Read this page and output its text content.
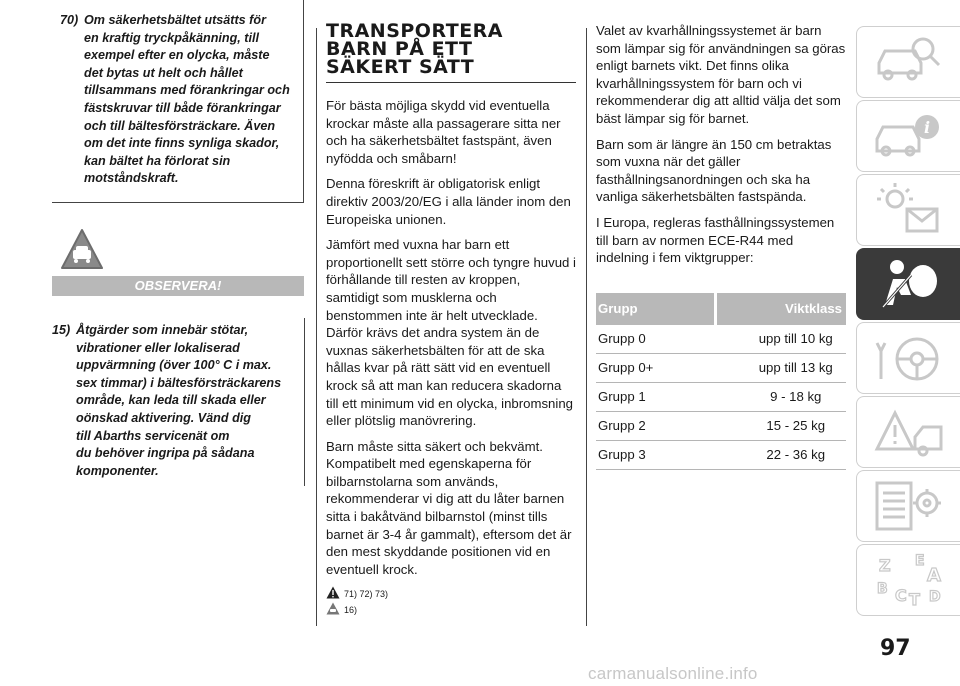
70) Om säkerhetsbältet utsätts för

en kraftig tryckpåkänning, till

exempel efter en olycka, måste

det bytas ut helt och hållet

tillsammans med förankringar och

fästskruvar till både förankringar

och till bältesförsträckare. Även

om det inte finns synliga skador,

kan bältet ha förlorat sin

motståndskraft.

OBSERVERA!

15) Åtgärder som innebär stötar,

vibrationer eller lokaliserad

uppvärmning (över 100° C i max.

sex timmar) i bältesförsträckarens

område, kan leda till skada eller

oönskad aktivering. Vänd dig

till Abarths servicenät om

du behöver ingripa på sådana

komponenter.

TRANSPORTERA
BARN PÅ ETT
SÄKERT SÄTT

För bästa möjliga skydd vid eventuella krockar måste alla passagerare sitta ner och ha säkerhetsbältet fastspänt, även nyfödda och småbarn!

Denna föreskrift är obligatorisk enligt direktiv 2003/20/EG i alla länder inom den Europeiska unionen.

Jämfört med vuxna har barn ett proportionellt sett större och tyngre huvud i förhållande till resten av kroppen, samtidigt som musklerna och benstommen inte är helt utvecklade. Därför krävs det andra system än de vuxnas säkerhetsbälten för att de ska hållas kvar på rätt sätt vid en eventuell krock så att man kan reducera skadorna till ett minimum vid en olycka, inbromsning eller plötslig manövrering.

Barn måste sitta säkert och bekvämt. Kompatibelt med egenskaperna för bilbarnstolarna som används, rekommenderar vi dig att du låter barnen sitta i bakåtvänd bilbarnstol (minst tills barnet är 3-4 år gammalt), eftersom det är den mest skyddande positionen vid en eventuell krock.

71) 72) 73)
16)

Valet av kvarhållningssystemet är barn som lämpar sig för användningen sa göras enligt barnets vikt. Det finns olika kvarhållningssystem för barn och vi rekommenderar dig att alltid välja det som bäst lämpar sig för barnet.

Barn som är längre än 150 cm betraktas som vuxna när det gäller fasthållningsanordningen och ska ha vanliga säkerhetsbälten fastspända.

I Europa, regleras fasthållningssystemen till barn av normen ECE-R44 med indelning i fem viktgrupper:

Grupp	Viktklass
Grupp 0	upp till 10 kg
Grupp 0+	upp till 13 kg
Grupp 1	9 - 18 kg
Grupp 2	15 - 25 kg
Grupp 3	22 - 36 kg
i
Z E
A
B C T D
97
carmanualsonline.info
